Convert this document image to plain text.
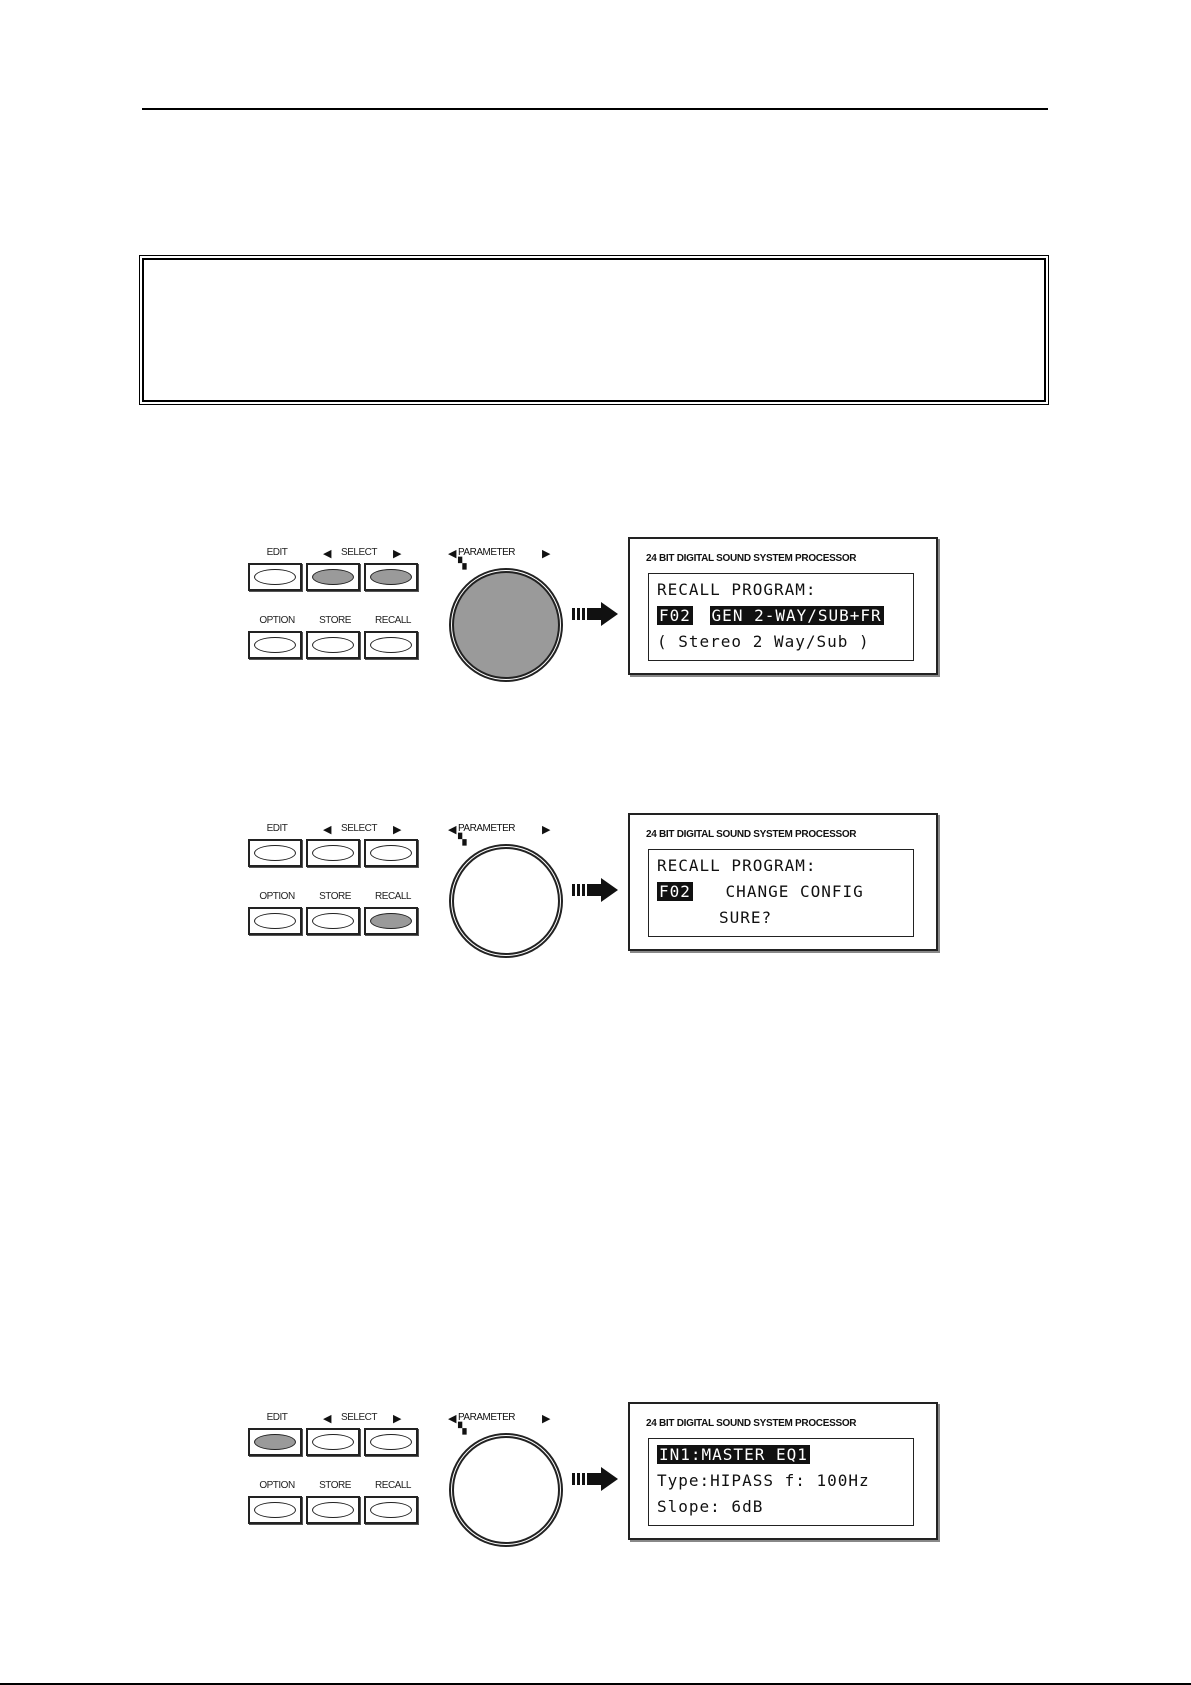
EDIT	◀ SELECT	▶
OPTION	STORE	RECALL
◀ PARAMETER ▶
▚	24 BIT DIGITAL SOUND SYSTEM PROCESSOR
RECALL PROGRAM:
F02 GEN 2-WAY/SUB+FR
( Stereo 2 Way/Sub )
EDIT	◀ SELECT	▶
OPTION	STORE	RECALL
◀ PARAMETER ▶
▚	24 BIT DIGITAL SOUND SYSTEM PROCESSOR
RECALL PROGRAM:
F02 CHANGE CONFIG
SURE?
EDIT	◀ SELECT	▶
OPTION	STORE	RECALL
◀ PARAMETER ▶
▚	24 BIT DIGITAL SOUND SYSTEM PROCESSOR
IN1:MASTER EQ1
Type:HIPASS f: 100Hz
Slope: 6dB
